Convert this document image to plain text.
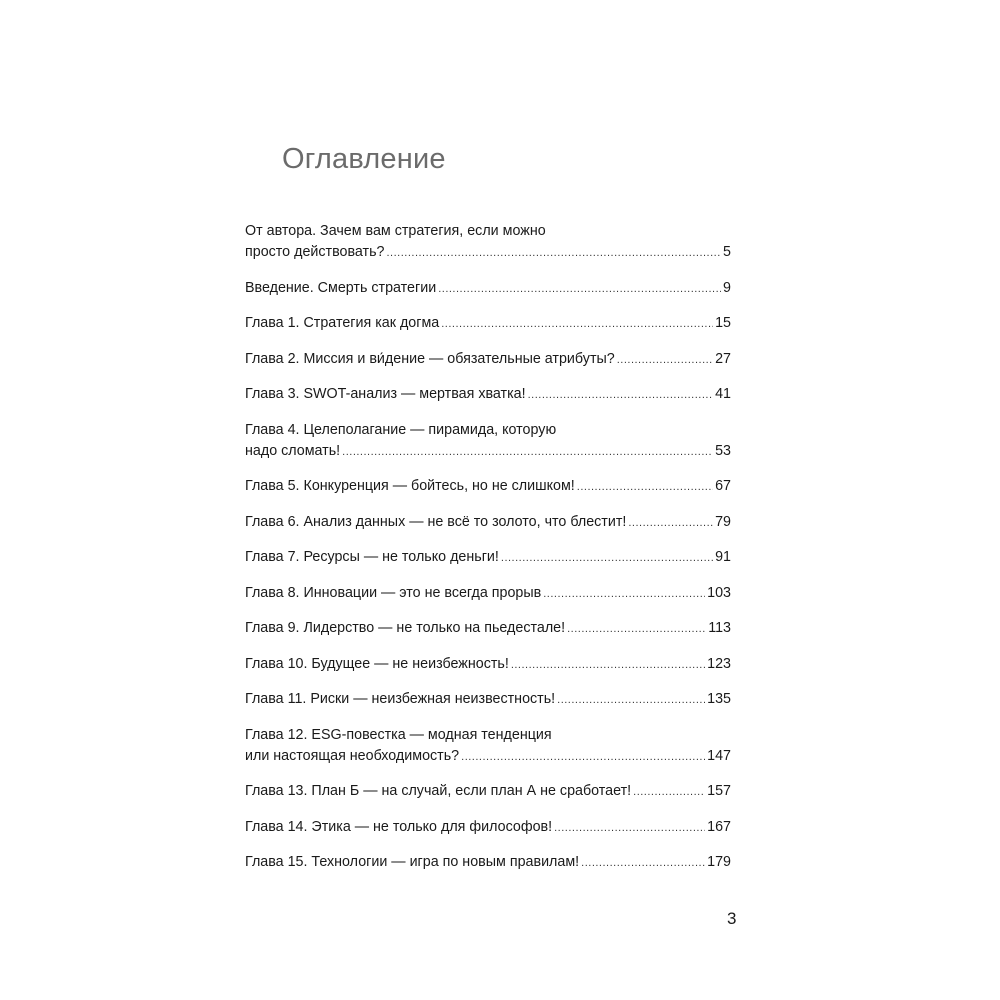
Оглавление
От автора. Зачем вам стратегия, если можно
просто действовать? .....	5
Введение. Смерть стратегии .....	9
Глава 1. Стратегия как догма .....	15
Глава 2. Миссия и ви́дение — обязательные атрибуты? .....	27
Глава 3. SWOT-анализ — мертвая хватка! .....	41
Глава 4. Целеполагание — пирамида, которую
надо сломать! .....	53
Глава 5. Конкуренция — бойтесь, но не слишком! .....	67
Глава 6. Анализ данных — не всё то золото, что блестит! .....	79
Глава 7. Ресурсы — не только деньги! .....	91
Глава 8. Инновации — это не всегда прорыв .....	103
Глава 9. Лидерство — не только на пьедестале! .....	113
Глава 10. Будущее — не неизбежность! .....	123
Глава 11. Риски — неизбежная неизвестность! .....	135
Глава 12. ESG-повестка — модная тенденция
или настоящая необходимость? .....	147
Глава 13. План Б — на случай, если план А не сработает! .....	157
Глава 14. Этика — не только для философов! .....	167
Глава 15. Технологии — игра по новым правилам! .....	179
3
